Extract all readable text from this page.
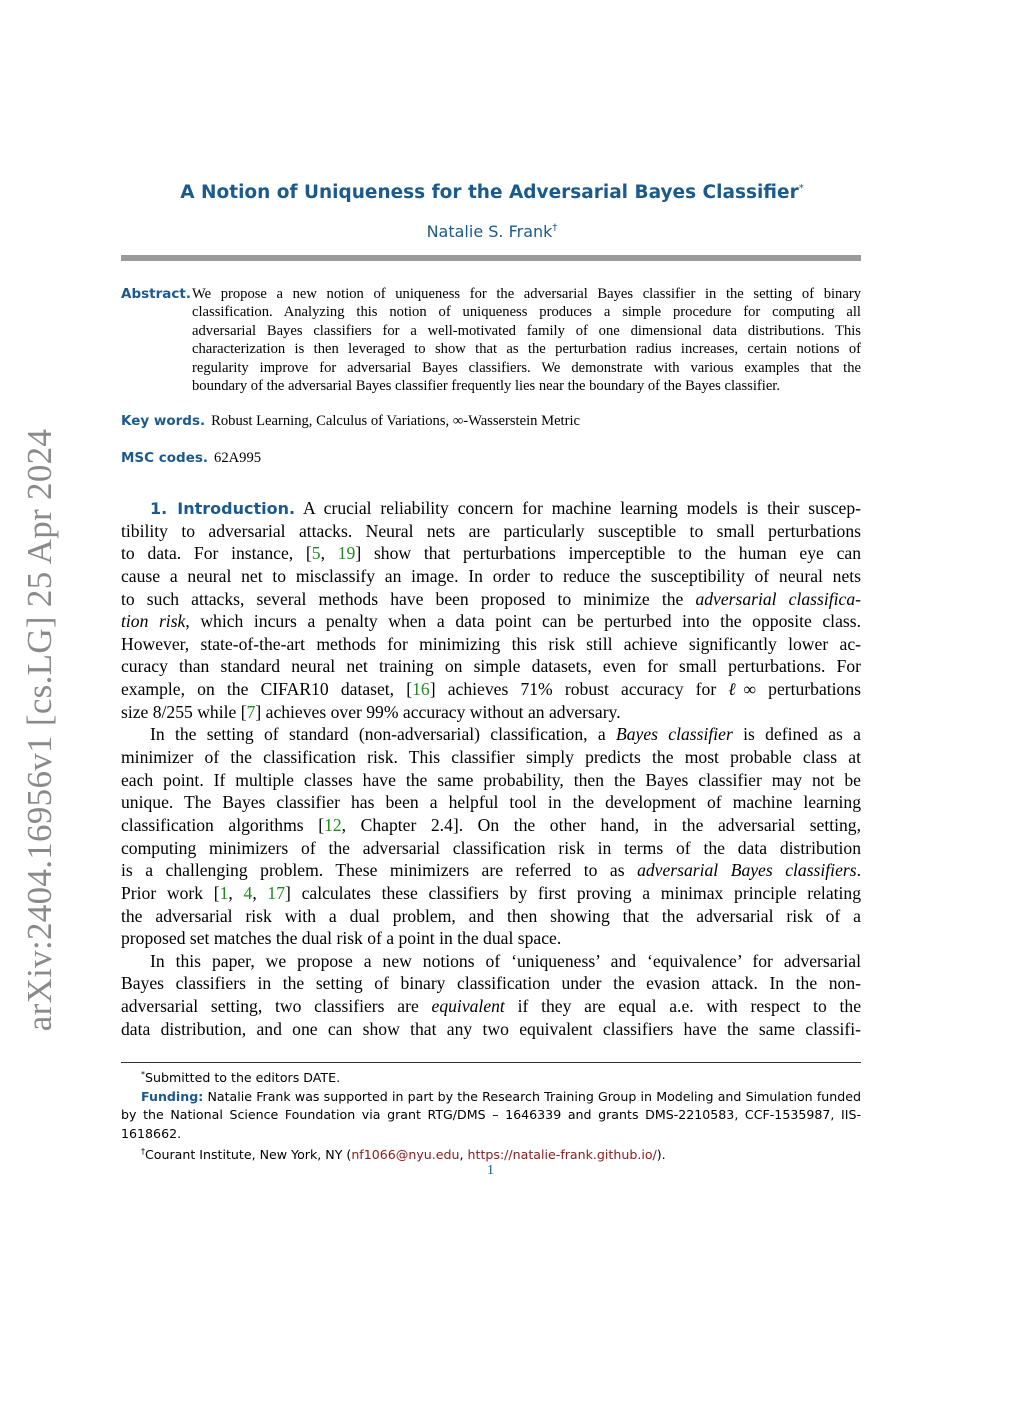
arXiv:2404.16956v1 [cs.LG] 25 Apr 2024
A Notion of Uniqueness for the Adversarial Bayes Classifier*
Natalie S. Frank†
Abstract. We propose a new notion of uniqueness for the adversarial Bayes classifier in the setting of binary
classification. Analyzing this notion of uniqueness produces a simple procedure for computing all
adversarial Bayes classifiers for a well-motivated family of one dimensional data distributions. This
characterization is then leveraged to show that as the perturbation radius increases, certain notions of
regularity improve for adversarial Bayes classifiers. We demonstrate with various examples that the
boundary of the adversarial Bayes classifier frequently lies near the boundary of the Bayes classifier.
Key words. Robust Learning, Calculus of Variations, ∞-Wasserstein Metric
MSC codes. 62A995
1. Introduction. A crucial reliability concern for machine learning models is their suscep-
tibility to adversarial attacks. Neural nets are particularly susceptible to small perturbations
to data. For instance, [5, 19] show that perturbations imperceptible to the human eye can
cause a neural net to misclassify an image. In order to reduce the susceptibility of neural nets
to such attacks, several methods have been proposed to minimize the adversarial classifica-
tion risk, which incurs a penalty when a data point can be perturbed into the opposite class.
However, state-of-the-art methods for minimizing this risk still achieve significantly lower ac-
curacy than standard neural net training on simple datasets, even for small perturbations. For
example, on the CIFAR10 dataset, [16] achieves 71% robust accuracy for ℓ∞ perturbations
size 8/255 while [7] achieves over 99% accuracy without an adversary.
In the setting of standard (non-adversarial) classification, a Bayes classifier is defined as a
minimizer of the classification risk. This classifier simply predicts the most probable class at
each point. If multiple classes have the same probability, then the Bayes classifier may not be
unique. The Bayes classifier has been a helpful tool in the development of machine learning
classification algorithms [12, Chapter 2.4]. On the other hand, in the adversarial setting,
computing minimizers of the adversarial classification risk in terms of the data distribution
is a challenging problem. These minimizers are referred to as adversarial Bayes classifiers.
Prior work [1, 4, 17] calculates these classifiers by first proving a minimax principle relating
the adversarial risk with a dual problem, and then showing that the adversarial risk of a
proposed set matches the dual risk of a point in the dual space.
In this paper, we propose a new notions of ‘uniqueness’ and ‘equivalence’ for adversarial
Bayes classifiers in the setting of binary classification under the evasion attack. In the non-
adversarial setting, two classifiers are equivalent if they are equal a.e. with respect to the
data distribution, and one can show that any two equivalent classifiers have the same classifi-
*Submitted to the editors DATE.
Funding: Natalie Frank was supported in part by the Research Training Group in Modeling and Simulation funded by the National Science Foundation via grant RTG/DMS – 1646339 and grants DMS-2210583, CCF-1535987, IIS-1618662.
†Courant Institute, New York, NY (nf1066@nyu.edu, https://natalie-frank.github.io/).
1
